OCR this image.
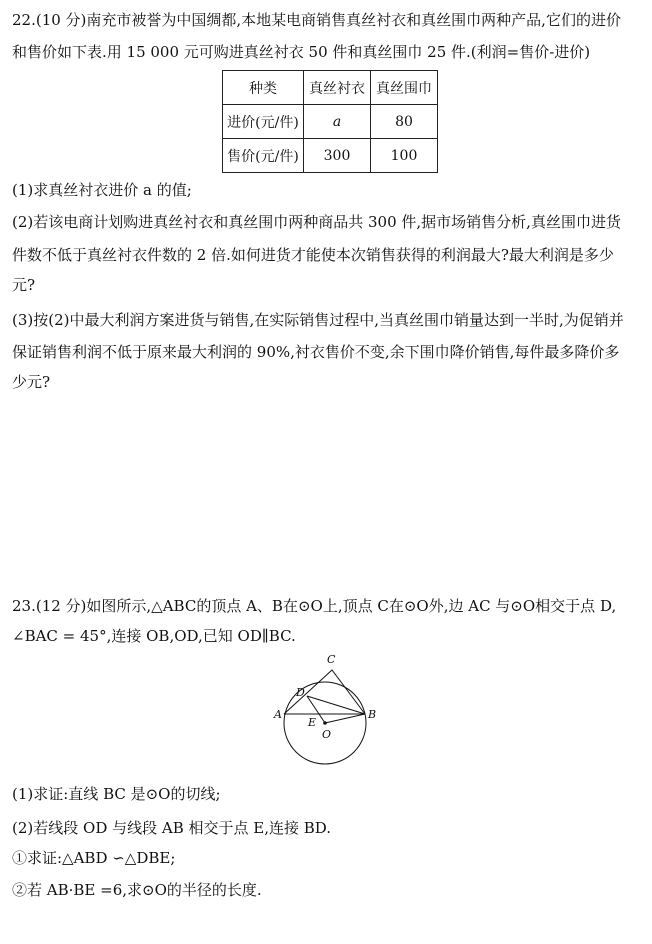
22.(10 分)南充市被誉为中国绸都,本地某电商销售真丝衬衣和真丝围巾两种产品,它们的进价
和售价如下表.用 15 000 元可购进真丝衬衣 50 件和真丝围巾 25 件.(利润=售价-进价)
种类	真丝衬衣	真丝围巾
进价(元/件)	a	80
售价(元/件)	300	100
(1)求真丝衬衣进价 a 的值;
(2)若该电商计划购进真丝衬衣和真丝围巾两种商品共 300 件,据市场销售分析,真丝围巾进货
件数不低于真丝衬衣件数的 2 倍.如何进货才能使本次销售获得的利润最大?最大利润是多少
元?
(3)按(2)中最大利润方案进货与销售,在实际销售过程中,当真丝围巾销量达到一半时,为促销并
保证销售利润不低于原来最大利润的 90%,衬衣售价不变,余下围巾降价销售,每件最多降价多
少元?
23.(12 分)如图所示,△ABC的顶点 A、B在⊙O上,顶点 C在⊙O外,边 AC 与⊙O相交于点 D,
∠BAC = 45°,连接 OB,OD,已知 OD∥BC.
C
D
A
E
B
O
(1)求证:直线 BC 是⊙O的切线;
(2)若线段 OD 与线段 AB 相交于点 E,连接 BD.
①求证:△ABD ∽△DBE;
②若 AB·BE =6,求⊙O的半径的长度.
